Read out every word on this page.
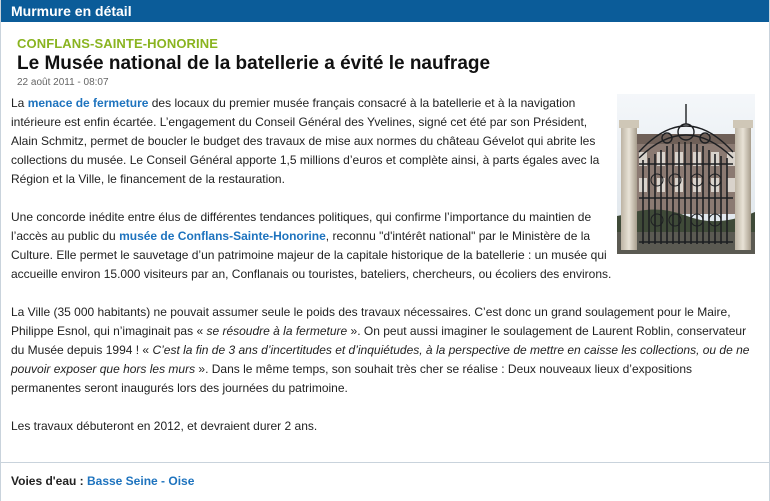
Murmure en détail
CONFLANS-SAINTE-HONORINE
Le Musée national de la batellerie a évité le naufrage
22 août 2011 - 08:07

La menace de fermeture des locaux du premier musée français consacré à la batellerie et à la navigation intérieure est enfin écartée. L’engagement du Conseil Général des Yvelines, signé cet été par son Président, Alain Schmitz, permet de boucler le budget des travaux de mise aux normes du château Gévelot qui abrite les collections du musée. Le Conseil Général apporte 1,5 millions d’euros et complète ainsi, à parts égales avec la Région et la Ville, le financement de la restauration.

Une concorde inédite entre élus de différentes tendances politiques, qui confirme l’importance du maintien de l’accès au public du musée de Conflans-Sainte-Honorine, reconnu "d'intérêt national" par le Ministère de la Culture. Elle permet le sauvetage d’un patrimoine majeur de la capitale historique de la batellerie : un musée qui accueille environ 15.000 visiteurs par an, Conflanais ou touristes, bateliers, chercheurs, ou écoliers des environs.

La Ville (35 000 habitants) ne pouvait assumer seule le poids des travaux nécessaires. C’est donc un grand soulagement pour le Maire, Philippe Esnol, qui n’imaginait pas « se résoudre à la fermeture ». On peut aussi imaginer le soulagement de Laurent Roblin, conservateur du Musée depuis 1994 ! « C’est la fin de 3 ans d’incertitudes et d’inquiétudes, à la perspective de mettre en caisse les collections, ou de ne pouvoir exposer que hors les murs ». Dans le même temps, son souhait très cher se réalise : Deux nouveaux lieux d’expositions permanentes seront inaugurés lors des journées du patrimoine.

Les travaux débuteront en 2012, et devraient durer 2 ans.

Voies d'eau : Basse Seine - Oise
